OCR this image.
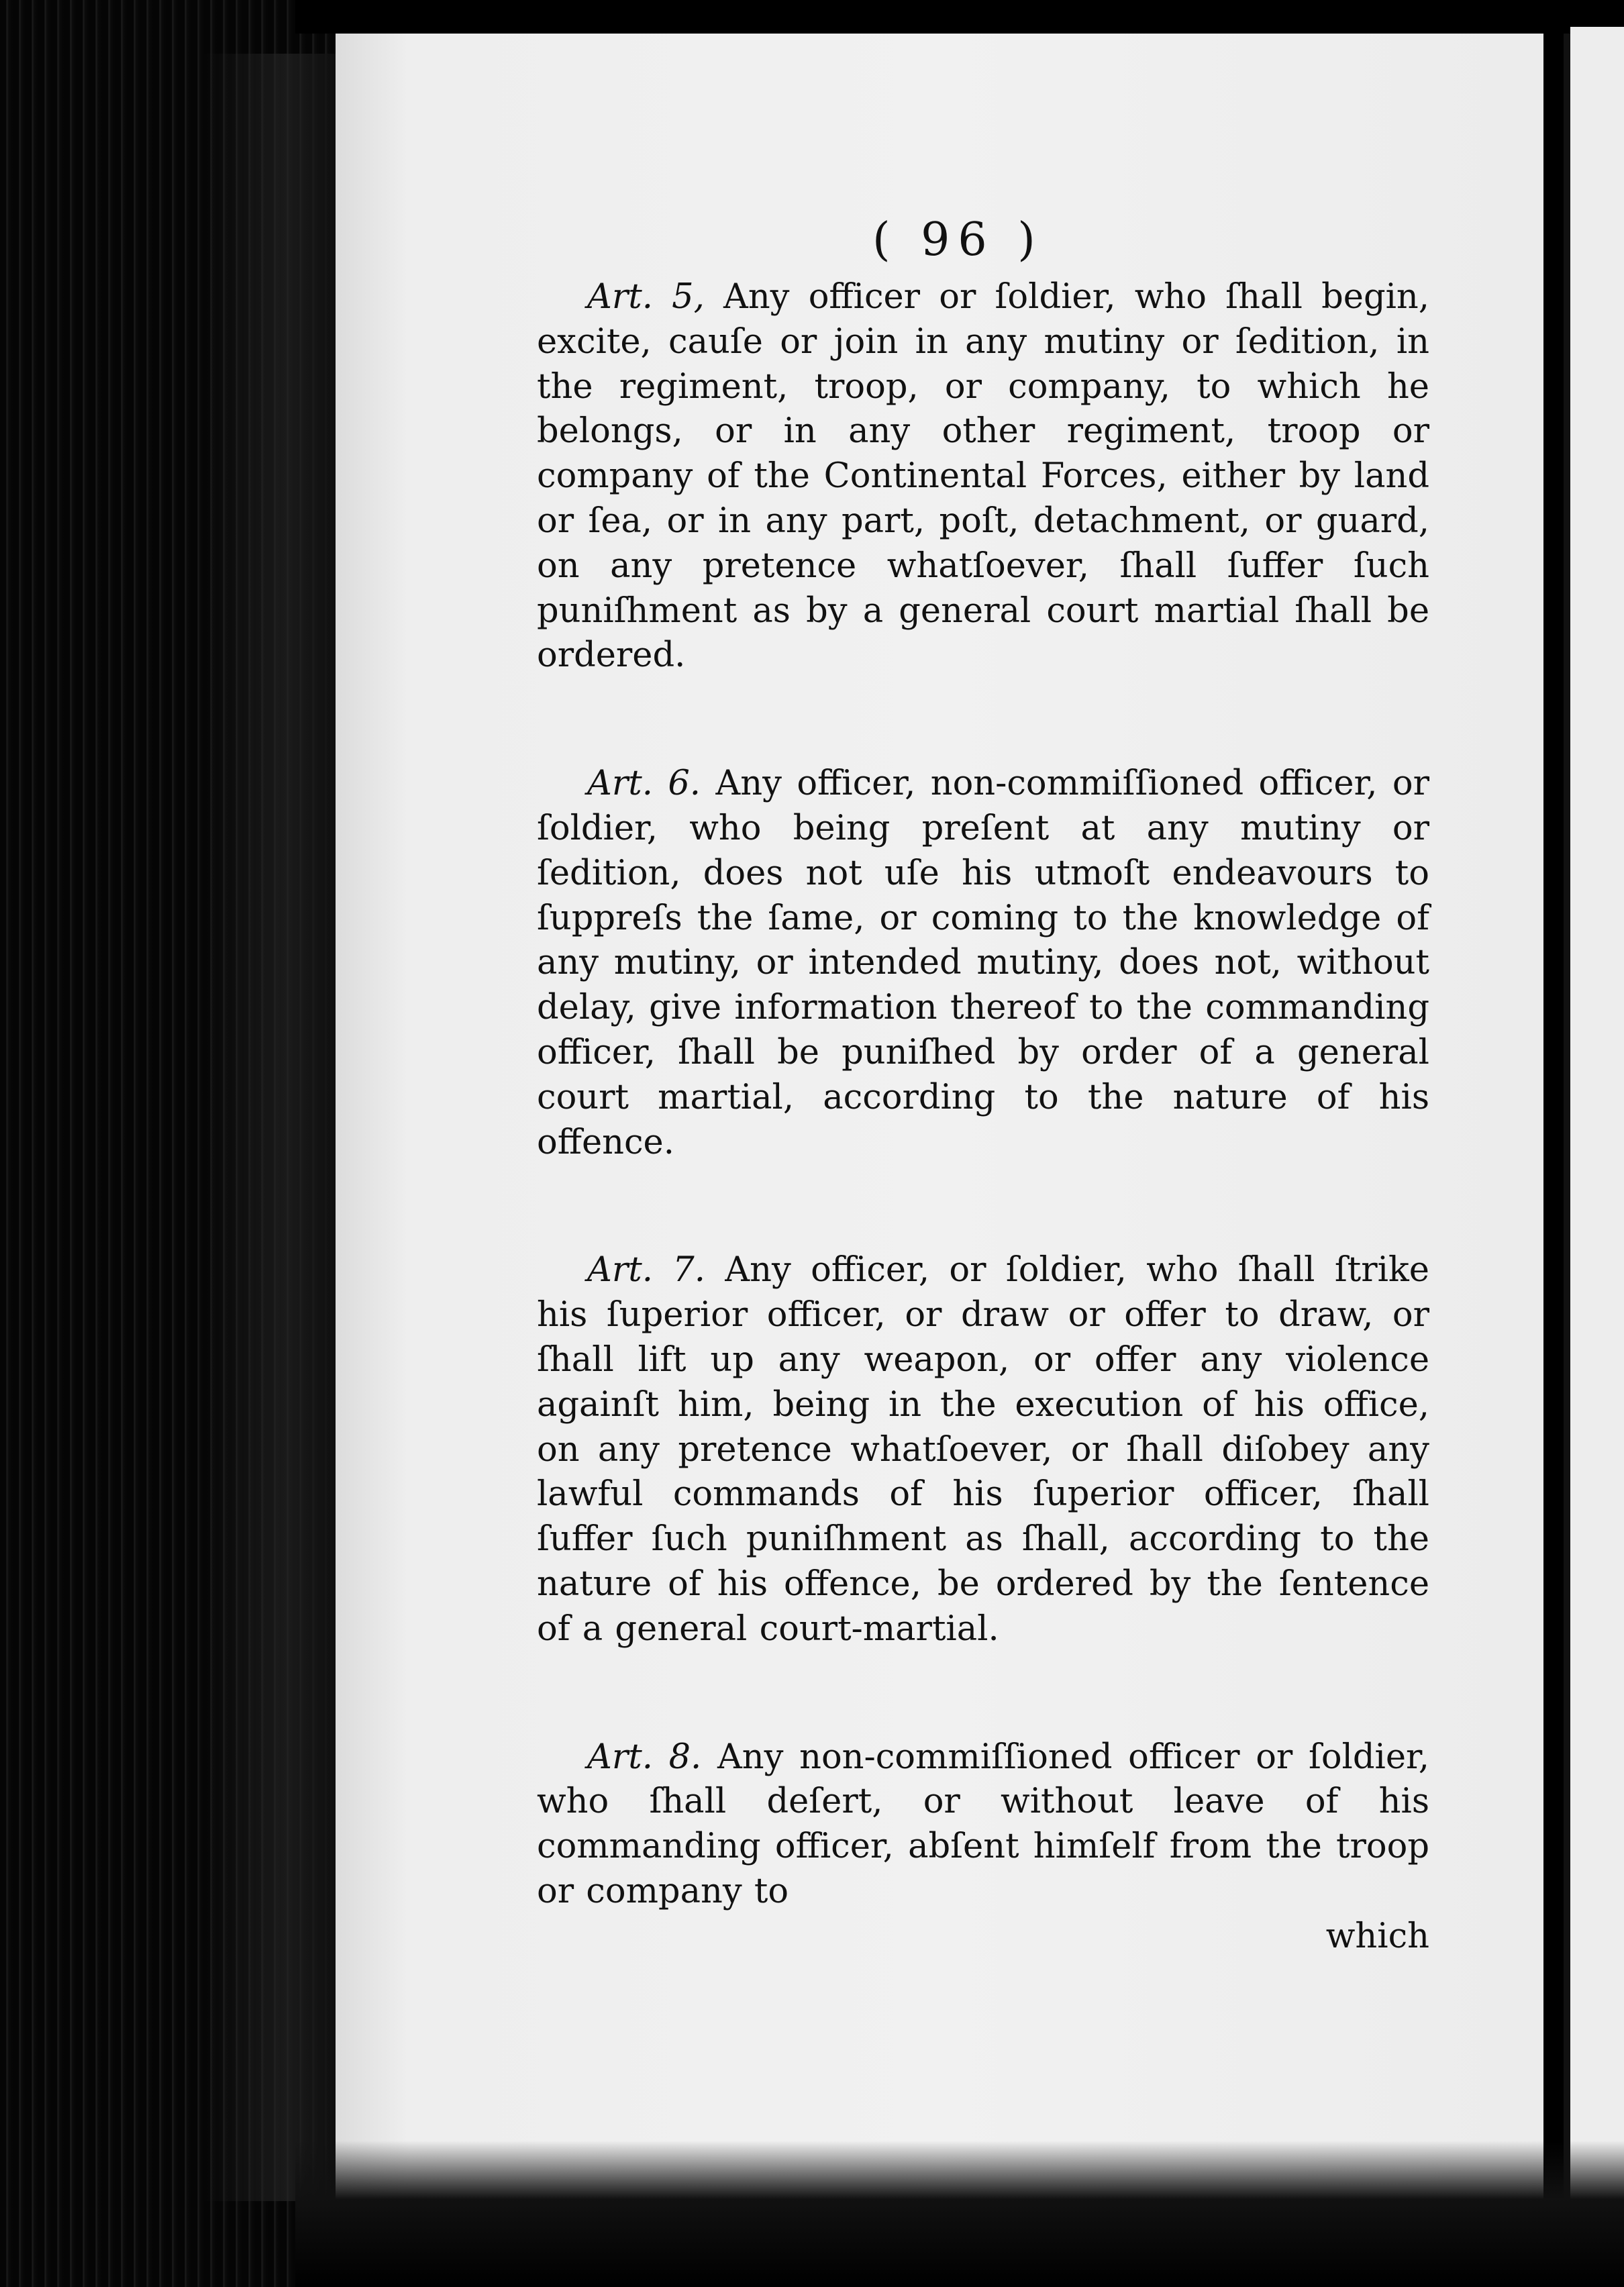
( 96 )

Art. 5, Any officer or ſoldier, who ſhall begin, excite, cauſe or join in any mutiny or ſedition, in the regiment, troop, or company, to which he belongs, or in any other regiment, troop or company of the Continental Forces, either by land or ſea, or in any part, poſt, detachment, or guard, on any pretence whatſoever, ſhall ſuffer ſuch puniſhment as by a general court martial ſhall be ordered.

Art. 6. Any officer, non-commiſſioned officer, or ſoldier, who being preſent at any mutiny or ſedition, does not uſe his utmoſt endeavours to ſuppreſs the ſame, or coming to the knowledge of any mutiny, or intended mutiny, does not, without delay, give information thereof to the commanding officer, ſhall be puniſhed by order of a general court martial, according to the nature of his offence.

Art. 7. Any officer, or ſoldier, who ſhall ſtrike his ſuperior officer, or draw or offer to draw, or ſhall lift up any weapon, or offer any violence againſt him, being in the execution of his office, on any pretence whatſoever, or ſhall diſobey any lawful commands of his ſuperior officer, ſhall ſuffer ſuch puniſhment as ſhall, according to the nature of his offence, be ordered by the ſentence of a general court-martial.

Art. 8. Any non-commiſſioned officer or ſoldier, who ſhall deſert, or without leave of his commanding officer, abſent himſelf from the troop or company to
which
